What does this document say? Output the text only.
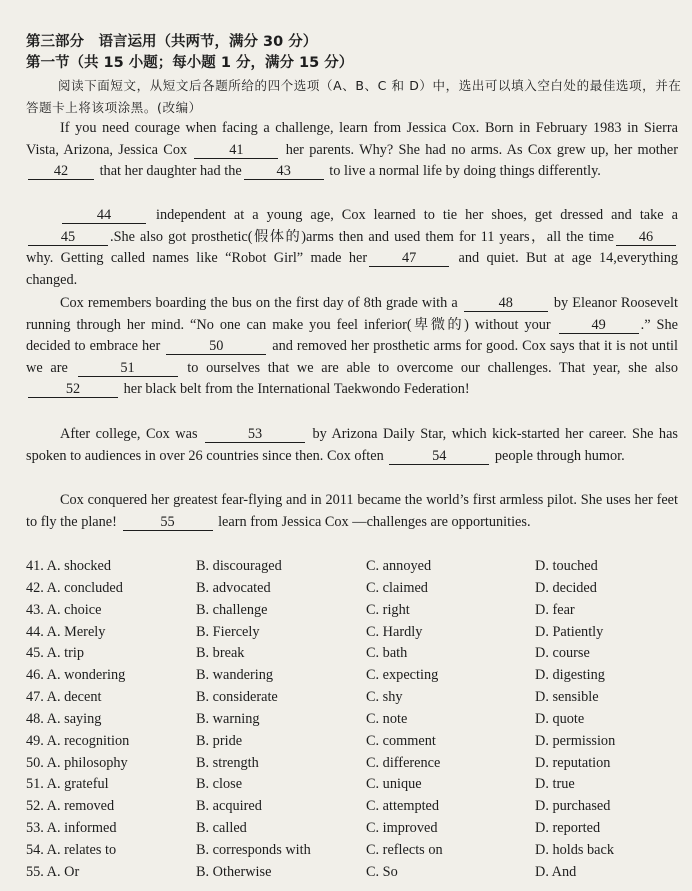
第三部分　语言运用（共两节，满分 30 分）
第一节（共 15 小题；每小题 1 分，满分 15 分）
阅读下面短文，从短文后各题所给的四个选项（A、B、C 和 D）中，选出可以填入空白处的最佳选项，并在答题卡上将该项涂黑。(改编）
If you need courage when facing a challenge, learn from Jessica Cox. Born in February 1983 in Sierra Vista, Arizona, Jessica Cox	41	her parents. Why? She had no arms. As Cox grew up, her mother 42 that her daughter had the 43 to live a normal life by doing things differently.
44	independent at a young age, Cox learned to tie her shoes, get dressed and take a 45 .She also got prosthetic(假体的)arms then and used them for 11 years，all the time 46 why. Getting called names like “Robot Girl” made her 47 and quiet. But at age 14,everything changed.
Cox remembers boarding the bus on the first day of 8th grade with a	48	by Eleanor Roosevelt running through her mind. “No one can make you feel inferior(卑微的) without your 49 .” She decided to embrace her	50	and removed her prosthetic arms for good. Cox says that it is not until we are	51	to ourselves that we are able to overcome our challenges. That year, she also 52	her black belt from the International Taekwondo Federation!
After college, Cox was	53	by Arizona Daily Star, which kick-started her career. She has spoken to audiences in over 26 countries since then. Cox often	54	people through humor.
Cox conquered her greatest fear-flying and in 2011 became the world’s first armless pilot. She uses her feet to fly the plane!	55	learn from Jessica Cox —challenges are opportunities.
41. A. shocked	B. discouraged	C. annoyed	D. touched
42. A. concluded	B. advocated	C. claimed	D. decided
43. A. choice	B. challenge	C. right	D. fear
44. A. Merely	B. Fiercely	C. Hardly	D. Patiently
45. A. trip	B. break	C. bath	D. course
46. A. wondering	B. wandering	C. expecting	D. digesting
47. A. decent	B. considerate	C. shy	D. sensible
48. A. saying	B. warning	C. note	D. quote
49. A. recognition	B. pride	C. comment	D. permission
50. A. philosophy	B. strength	C. difference	D. reputation
51. A. grateful	B. close	C. unique	D. true
52. A. removed	B. acquired	C. attempted	D. purchased
53. A. informed	B. called	C. improved	D. reported
54. A. relates to	B. corresponds with	C. reflects on	D. holds back
55. A. Or	B. Otherwise	C. So	D. And
